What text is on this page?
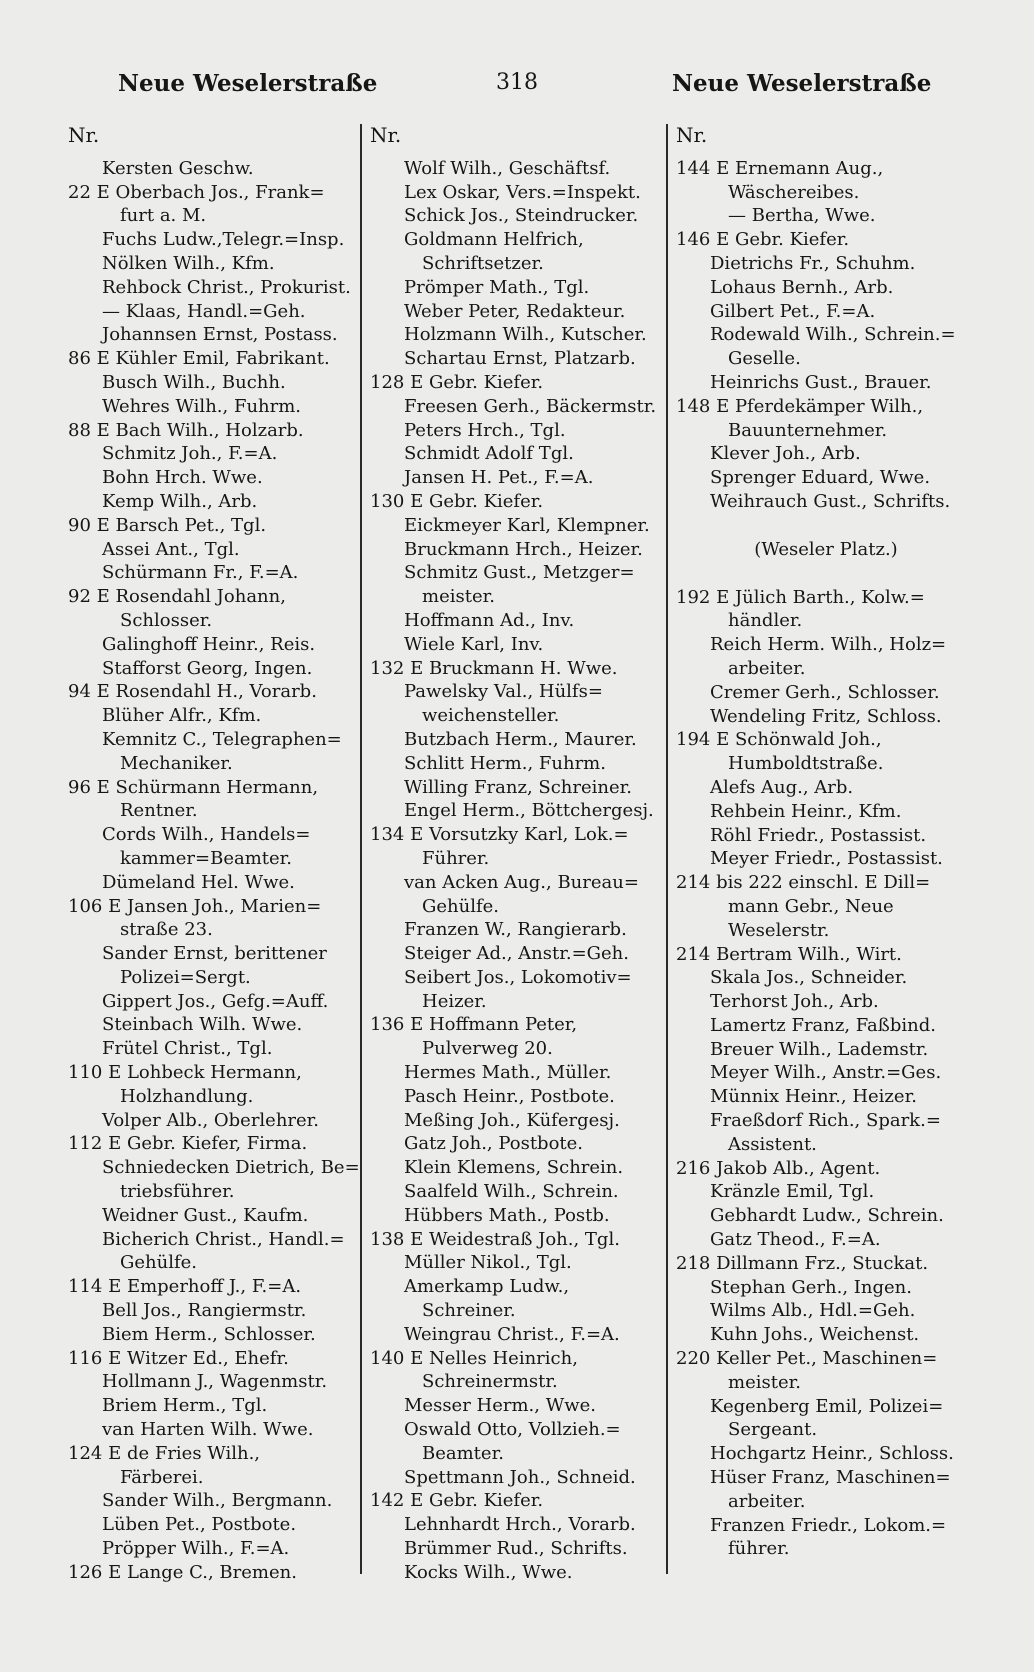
Neue Weselerstraße	318	Neue Weselerstraße
Nr.
Kersten Geschw.
22 E Oberbach Jos., Frank=
furt a. M.
Fuchs Ludw.,Telegr.=Insp.
Nölken Wilh., Kfm.
Rehbock Christ., Prokurist.
— Klaas, Handl.=Geh.
Johannsen Ernst, Postass.
86 E Kühler Emil, Fabrikant.
Busch Wilh., Buchh.
Wehres Wilh., Fuhrm.
88 E Bach Wilh., Holzarb.
Schmitz Joh., F.=A.
Bohn Hrch. Wwe.
Kemp Wilh., Arb.
90 E Barsch Pet., Tgl.
Assei Ant., Tgl.
Schürmann Fr., F.=A.
92 E Rosendahl Johann,
Schlosser.
Galinghoff Heinr., Reis.
Stafforst Georg, Ingen.
94 E Rosendahl H., Vorarb.
Blüher Alfr., Kfm.
Kemnitz C., Telegraphen=
Mechaniker.
96 E Schürmann Hermann,
Rentner.
Cords Wilh., Handels=
kammer=Beamter.
Dümeland Hel. Wwe.
106 E Jansen Joh., Marien=
straße 23.
Sander Ernst, berittener
Polizei=Sergt.
Gippert Jos., Gefg.=Auff.
Steinbach Wilh. Wwe.
Frütel Christ., Tgl.
110 E Lohbeck Hermann,
Holzhandlung.
Volper Alb., Oberlehrer.
112 E Gebr. Kiefer, Firma.
Schniedecken Dietrich, Be=
triebsführer.
Weidner Gust., Kaufm.
Bicherich Christ., Handl.=
Gehülfe.
114 E Emperhoff J., F.=A.
Bell Jos., Rangiermstr.
Biem Herm., Schlosser.
116 E Witzer Ed., Ehefr.
Hollmann J., Wagenmstr.
Briem Herm., Tgl.
van Harten Wilh. Wwe.
124 E de Fries Wilh.,
Färberei.
Sander Wilh., Bergmann.
Lüben Pet., Postbote.
Pröpper Wilh., F.=A.
126 E Lange C., Bremen.
Nr.
Wolf Wilh., Geschäftsf.
Lex Oskar, Vers.=Inspekt.
Schick Jos., Steindrucker.
Goldmann Helfrich,
Schriftsetzer.
Prömper Math., Tgl.
Weber Peter, Redakteur.
Holzmann Wilh., Kutscher.
Schartau Ernst, Platzarb.
128 E Gebr. Kiefer.
Freesen Gerh., Bäckermstr.
Peters Hrch., Tgl.
Schmidt Adolf Tgl.
Jansen H. Pet., F.=A.
130 E Gebr. Kiefer.
Eickmeyer Karl, Klempner.
Bruckmann Hrch., Heizer.
Schmitz Gust., Metzger=
meister.
Hoffmann Ad., Inv.
Wiele Karl, Inv.
132 E Bruckmann H. Wwe.
Pawelsky Val., Hülfs=
weichensteller.
Butzbach Herm., Maurer.
Schlitt Herm., Fuhrm.
Willing Franz, Schreiner.
Engel Herm., Böttchergesj.
134 E Vorsutzky Karl, Lok.=
Führer.
van Acken Aug., Bureau=
Gehülfe.
Franzen W., Rangierarb.
Steiger Ad., Anstr.=Geh.
Seibert Jos., Lokomotiv=
Heizer.
136 E Hoffmann Peter,
Pulverweg 20.
Hermes Math., Müller.
Pasch Heinr., Postbote.
Meßing Joh., Küfergesj.
Gatz Joh., Postbote.
Klein Klemens, Schrein.
Saalfeld Wilh., Schrein.
Hübbers Math., Postb.
138 E Weidestraß Joh., Tgl.
Müller Nikol., Tgl.
Amerkamp Ludw.,
Schreiner.
Weingrau Christ., F.=A.
140 E Nelles Heinrich,
Schreinermstr.
Messer Herm., Wwe.
Oswald Otto, Vollzieh.=
Beamter.
Spettmann Joh., Schneid.
142 E Gebr. Kiefer.
Lehnhardt Hrch., Vorarb.
Brümmer Rud., Schrifts.
Kocks Wilh., Wwe.
Nr.
144 E Ernemann Aug.,
Wäschereibes.
— Bertha, Wwe.
146 E Gebr. Kiefer.
Dietrichs Fr., Schuhm.
Lohaus Bernh., Arb.
Gilbert Pet., F.=A.
Rodewald Wilh., Schrein.=
Geselle.
Heinrichs Gust., Brauer.
148 E Pferdekämper Wilh.,
Bauunternehmer.
Klever Joh., Arb.
Sprenger Eduard, Wwe.
Weihrauch Gust., Schrifts.
(Weseler Platz.)
192 E Jülich Barth., Kolw.=
händler.
Reich Herm. Wilh., Holz=
arbeiter.
Cremer Gerh., Schlosser.
Wendeling Fritz, Schloss.
194 E Schönwald Joh.,
Humboldtstraße.
Alefs Aug., Arb.
Rehbein Heinr., Kfm.
Röhl Friedr., Postassist.
Meyer Friedr., Postassist.
214 bis 222 einschl. E Dill=
mann Gebr., Neue
Weselerstr.
214 Bertram Wilh., Wirt.
Skala Jos., Schneider.
Terhorst Joh., Arb.
Lamertz Franz, Faßbind.
Breuer Wilh., Lademstr.
Meyer Wilh., Anstr.=Ges.
Münnix Heinr., Heizer.
Fraeßdorf Rich., Spark.=
Assistent.
216 Jakob Alb., Agent.
Kränzle Emil, Tgl.
Gebhardt Ludw., Schrein.
Gatz Theod., F.=A.
218 Dillmann Frz., Stuckat.
Stephan Gerh., Ingen.
Wilms Alb., Hdl.=Geh.
Kuhn Johs., Weichenst.
220 Keller Pet., Maschinen=
meister.
Kegenberg Emil, Polizei=
Sergeant.
Hochgartz Heinr., Schloss.
Hüser Franz, Maschinen=
arbeiter.
Franzen Friedr., Lokom.=
führer.
